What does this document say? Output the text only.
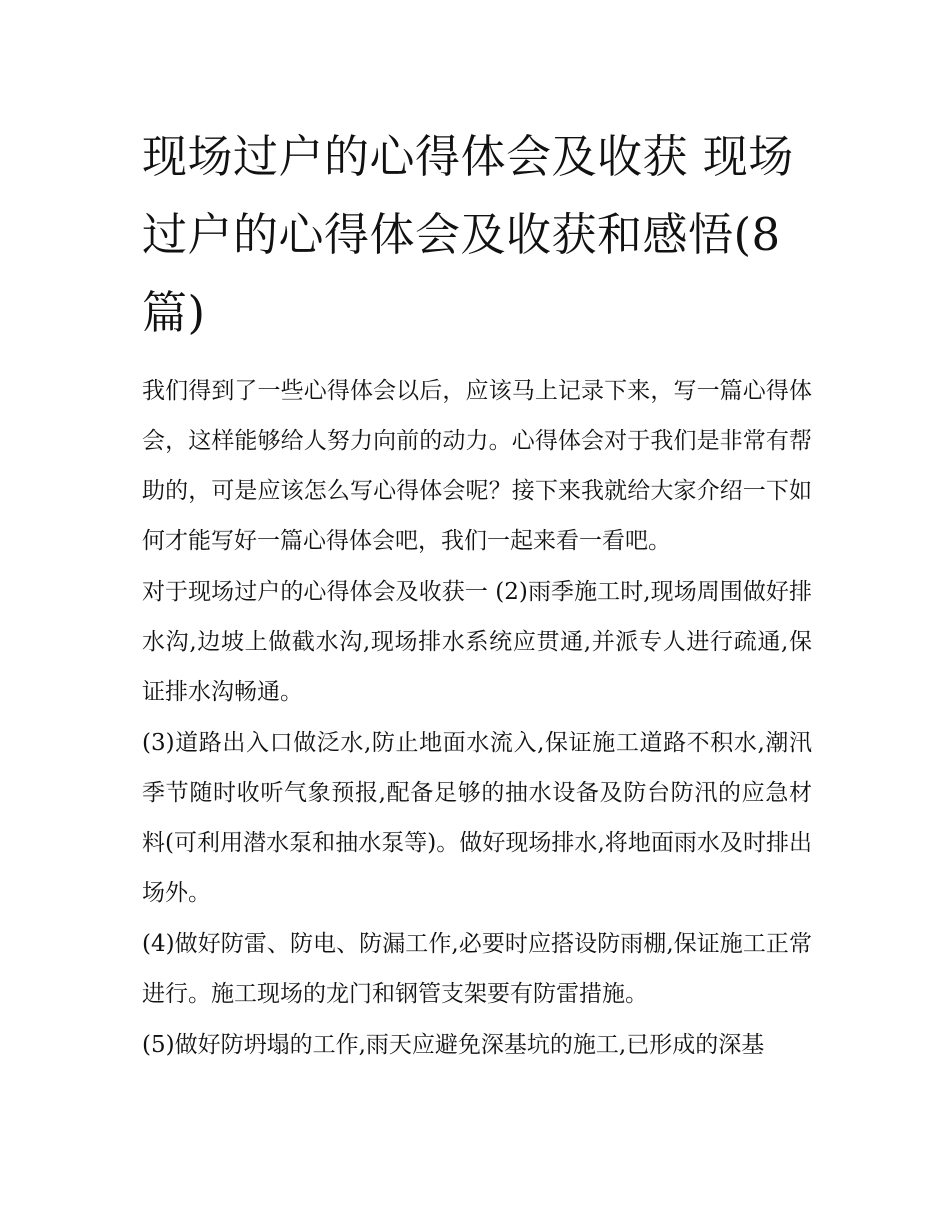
现场过户的心得体会及收获 现场过户的心得体会及收获和感悟(8篇)

我们得到了一些心得体会以后，应该马上记录下来，写一篇心得体会，这样能够给人努力向前的动力。心得体会对于我们是非常有帮助的，可是应该怎么写心得体会呢？接下来我就给大家介绍一下如何才能写好一篇心得体会吧，我们一起来看一看吧。

对于现场过户的心得体会及收获一 (2)雨季施工时,现场周围做好排水沟,边坡上做截水沟,现场排水系统应贯通,并派专人进行疏通,保证排水沟畅通。

(3)道路出入口做泛水,防止地面水流入,保证施工道路不积水,潮汛季节随时收听气象预报,配备足够的抽水设备及防台防汛的应急材料(可利用潜水泵和抽水泵等)。做好现场排水,将地面雨水及时排出场外。

(4)做好防雷、防电、防漏工作,必要时应搭设防雨棚,保证施工正常进行。施工现场的龙门和钢管支架要有防雷措施。

(5)做好防坍塌的工作,雨天应避免深基坑的施工,已形成的深基
